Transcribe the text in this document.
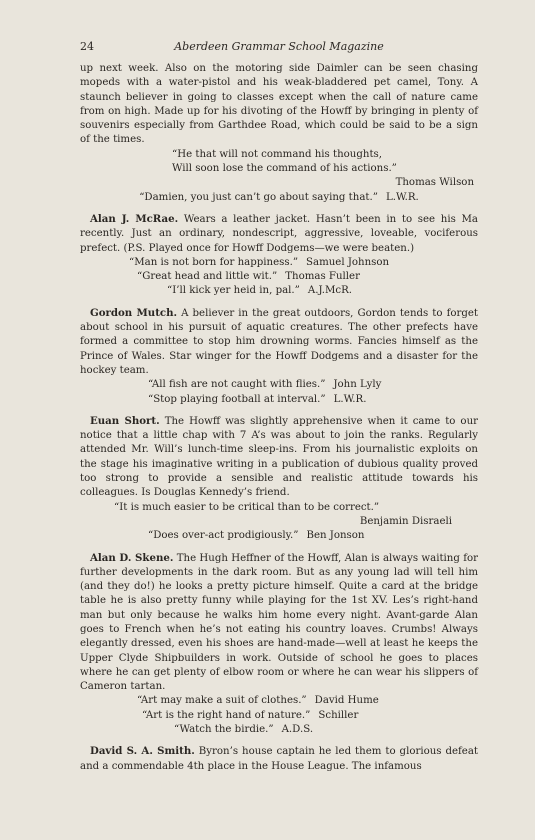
24	Aberdeen Grammar School Magazine

up next week. Also on the motoring side Daimler can be seen chasing mopeds with a water-pistol and his weak-bladdered pet camel, Tony. A staunch believer in going to classes except when the call of nature came from on high. Made up for his divoting of the Howff by bringing in plenty of souvenirs especially from Garthdee Road, which could be said to be a sign of the times.

“He that will not command his thoughts,
Will soon lose the command of his actions.”
Thomas Wilson
“Damien, you just can’t go about saying that.” L.W.R.

Alan J. McRae. Wears a leather jacket. Hasn’t been in to see his Ma recently. Just an ordinary, nondescript, aggressive, loveable, vociferous prefect. (P.S. Played once for Howff Dodgems—we were beaten.)

“Man is not born for happiness.” Samuel Johnson
“Great head and little wit.” Thomas Fuller
“I’ll kick yer heid in, pal.” A.J.McR.

Gordon Mutch. A believer in the great outdoors, Gordon tends to forget about school in his pursuit of aquatic creatures. The other prefects have formed a committee to stop him drowning worms. Fancies himself as the Prince of Wales. Star winger for the Howff Dodgems and a disaster for the hockey team.

“All fish are not caught with flies.” John Lyly
“Stop playing football at interval.” L.W.R.

Euan Short. The Howff was slightly apprehensive when it came to our notice that a little chap with 7 A’s was about to join the ranks. Regularly attended Mr. Will’s lunch-time sleep-ins. From his journalistic exploits on the stage his imaginative writing in a publication of dubious quality proved too strong to provide a sensible and realistic attitude towards his colleagues. Is Douglas Kennedy’s friend.

“It is much easier to be critical than to be correct.”
Benjamin Disraeli
“Does over-act prodigiously.” Ben Jonson

Alan D. Skene. The Hugh Heffner of the Howff, Alan is always waiting for further developments in the dark room. But as any young lad will tell him (and they do!) he looks a pretty picture himself. Quite a card at the bridge table he is also pretty funny while playing for the 1st XV. Les’s right-hand man but only because he walks him home every night. Avant-garde Alan goes to French when he’s not eating his country loaves. Crumbs! Always elegantly dressed, even his shoes are hand-made—well at least he keeps the Upper Clyde Shipbuilders in work. Outside of school he goes to places where he can get plenty of elbow room or where he can wear his slippers of Cameron tartan.

“Art may make a suit of clothes.” David Hume
“Art is the right hand of nature.” Schiller
“Watch the birdie.” A.D.S.

David S. A. Smith. Byron’s house captain he led them to glorious defeat and a commendable 4th place in the House League. The infamous
